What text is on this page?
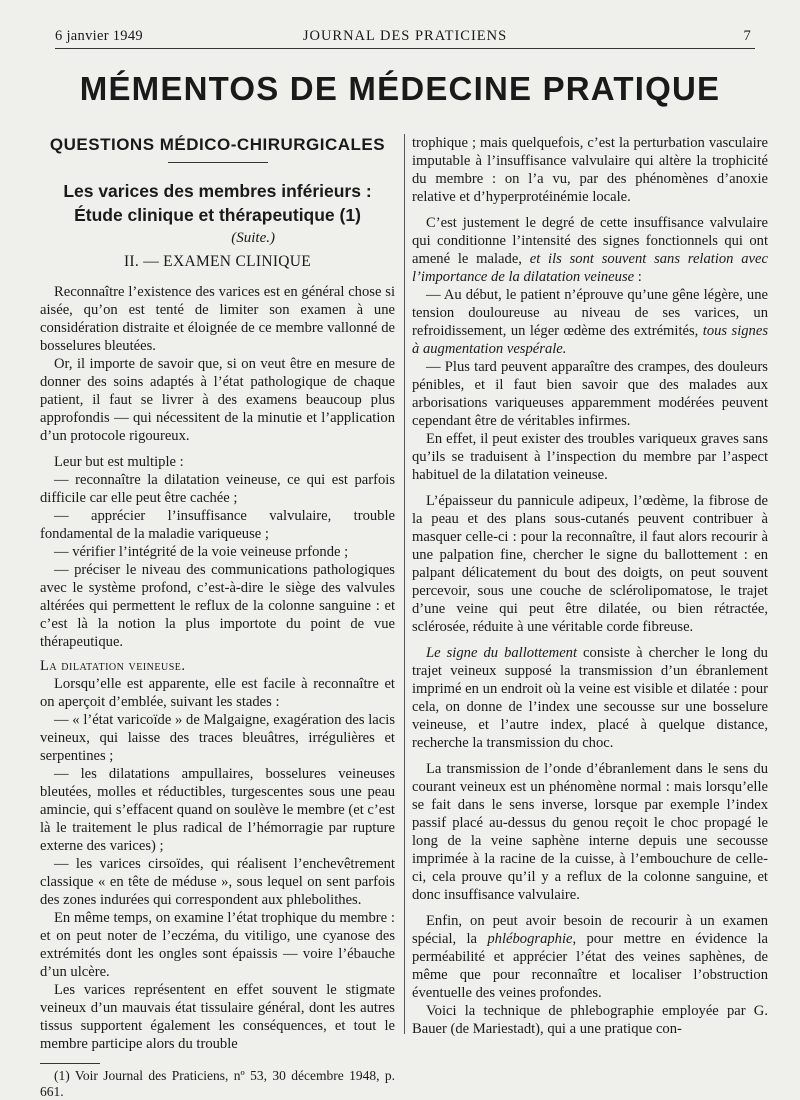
6 janvier 1949	JOURNAL DES PRATICIENS	7
MÉMENTOS DE MÉDECINE PRATIQUE
QUESTIONS MÉDICO-CHIRURGICALES
Les varices des membres inférieurs :
Étude clinique et thérapeutique (1)
(Suite.)
II. — EXAMEN CLINIQUE

Reconnaître l’existence des varices est en général chose si aisée, qu’on est tenté de limiter son examen à une considération distraite et éloignée de ce membre vallonné de bosselures bleutées.

Or, il importe de savoir que, si on veut être en mesure de donner des soins adaptés à l’état pathologique de chaque patient, il faut se livrer à des examens beaucoup plus approfondis — qui nécessitent de la minutie et l’application d’un protocole rigoureux.

Leur but est multiple :

— reconnaître la dilatation veineuse, ce qui est parfois difficile car elle peut être cachée ;

— apprécier l’insuffisance valvulaire, trouble fondamental de la maladie variqueuse ;

— vérifier l’intégrité de la voie veineuse prfonde ;

— préciser le niveau des communications pathologiques avec le système profond, c’est-à-dire le siège des valvules altérées qui permettent le reflux de la colonne sanguine : et c’est là la notion la plus importote du point de vue thérapeutique.

La dilatation veineuse.

Lorsqu’elle est apparente, elle est facile à reconnaître et on aperçoit d’emblée, suivant les stades :

— « l’état varicoïde » de Malgaigne, exagération des lacis veineux, qui laisse des traces bleuâtres, irrégulières et serpentines ;

— les dilatations ampullaires, bosselures veineuses bleutées, molles et réductibles, turgescentes sous une peau amincie, qui s’effacent quand on soulève le membre (et c’est là le traitement le plus radical de l’hémorragie par rupture externe des varices) ;

— les varices cirsoïdes, qui réalisent l’enchevêtrement classique « en tête de méduse », sous lequel on sent parfois des zones indurées qui correspondent aux phlebolithes.

En même temps, on examine l’état trophique du membre : et on peut noter de l’eczéma, du vitiligo, une cyanose des extrémités dont les ongles sont épaissis — voire l’ébauche d’un ulcère.

Les varices représentent en effet souvent le stigmate veineux d’un mauvais état tissulaire général, dont les autres tissus supportent également les conséquences, et tout le membre participe alors du trouble

(1) Voir Journal des Praticiens, nº 53, 30 décembre 1948, p. 661.

trophique ; mais quelquefois, c’est la perturbation vasculaire imputable à l’insuffisance valvulaire qui altère la trophicité du membre : on l’a vu, par des phénomènes d’anoxie relative et d’hyperprotéinémie locale.

C’est justement le degré de cette insuffisance valvulaire qui conditionne l’intensité des signes fonctionnels qui ont amené le malade, et ils sont souvent sans relation avec l’importance de la dilatation veineuse :

— Au début, le patient n’éprouve qu’une gêne légère, une tension douloureuse au niveau de ses varices, un refroidissement, un léger œdème des extrémités, tous signes à augmentation vespérale.

— Plus tard peuvent apparaître des crampes, des douleurs pénibles, et il faut bien savoir que des malades aux arborisations variqueuses apparemment modérées peuvent cependant être de véritables infirmes.

En effet, il peut exister des troubles variqueux graves sans qu’ils se traduisent à l’inspection du membre par l’aspect habituel de la dilatation veineuse.

L’épaisseur du pannicule adipeux, l’œdème, la fibrose de la peau et des plans sous-cutanés peuvent contribuer à masquer celle-ci : pour la reconnaître, il faut alors recourir à une palpation fine, chercher le signe du ballottement : en palpant délicatement du bout des doigts, on peut souvent percevoir, sous une couche de sclérolipomatose, le trajet d’une veine qui peut être dilatée, ou bien rétractée, sclérosée, réduite à une véritable corde fibreuse.

Le signe du ballottement consiste à chercher le long du trajet veineux supposé la transmission d’un ébranlement imprimé en un endroit où la veine est visible et dilatée : pour cela, on donne de l’index une secousse sur une bosselure veineuse, et l’autre index, placé à quelque distance, recherche la transmission du choc.

La transmission de l’onde d’ébranlement dans le sens du courant veineux est un phénomène normal : mais lorsqu’elle se fait dans le sens inverse, lorsque par exemple l’index passif placé au-dessus du genou reçoit le choc propagé le long de la veine saphène interne depuis une secousse imprimée à la racine de la cuisse, à l’embouchure de celle-ci, cela prouve qu’il y a reflux de la colonne sanguine, et donc insuffisance valvulaire.

Enfin, on peut avoir besoin de recourir à un examen spécial, la phlébographie, pour mettre en évidence la perméabilité et apprécier l’état des veines saphènes, de même que pour reconnaître et localiser l’obstruction éventuelle des veines profondes.

Voici la technique de phlebographie employée par G. Bauer (de Mariestadt), qui a une pratique con-
